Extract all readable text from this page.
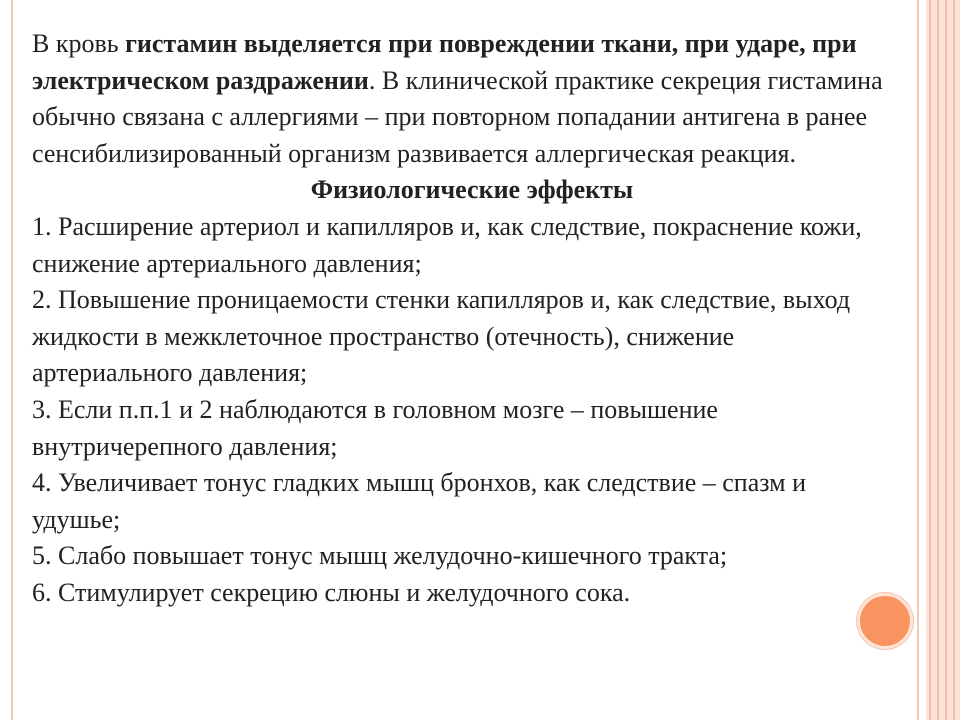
В кровь гистамин выделяется при повреждении ткани, при ударе, при электрическом раздражении. В клинической практике секреция гистамина обычно связана с аллергиями – при повторном попадании антигена в ранее сенсибилизированный организм развивается аллергическая реакция.

Физиологические эффекты

1. Расширение артериол и капилляров и, как следствие, покраснение кожи, снижение артериального давления;

2. Повышение проницаемости стенки капилляров и, как следствие, выход жидкости в межклеточное пространство (отечность), снижение артериального давления;

3. Если п.п.1 и 2 наблюдаются в головном мозге – повышение внутричерепного давления;

4. Увеличивает тонус гладких мышц бронхов, как следствие – спазм и удушье;

5. Слабо повышает тонус мышц желудочно-кишечного тракта;

6. Стимулирует секрецию слюны и желудочного сока.
